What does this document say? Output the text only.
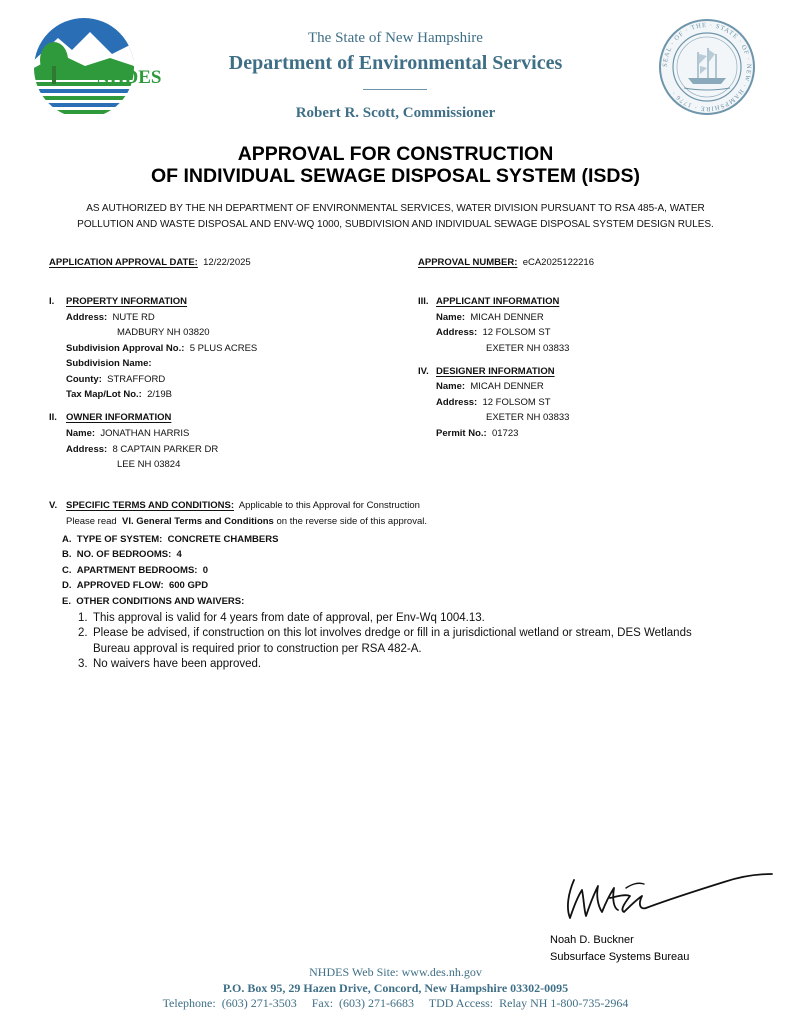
NHDES
The State of New Hampshire
Department of Environmental Services
Robert R. Scott, Commissioner
SEAL · OF · THE · STATE · OF · NEW · HAMPSHIRE · 1776 ·
APPROVAL FOR CONSTRUCTION
OF INDIVIDUAL SEWAGE DISPOSAL SYSTEM (ISDS)
AS AUTHORIZED BY THE NH DEPARTMENT OF ENVIRONMENTAL SERVICES, WATER DIVISION PURSUANT TO RSA 485-A, WATER
POLLUTION AND WASTE DISPOSAL AND ENV-WQ 1000, SUBDIVISION AND INDIVIDUAL SEWAGE DISPOSAL SYSTEM DESIGN RULES.
APPLICATION APPROVAL DATE: 12/22/2025	APPROVAL NUMBER: eCA2025122216
I. PROPERTY INFORMATION
Address: NUTE RD
MADBURY NH 03820
Subdivision Approval No.: 5 PLUS ACRES
Subdivision Name:
County: STRAFFORD
Tax Map/Lot No.: 2/19B
II. OWNER INFORMATION
Name: JONATHAN HARRIS
Address: 8 CAPTAIN PARKER DR
LEE NH 03824
III. APPLICANT INFORMATION
Name: MICAH DENNER
Address: 12 FOLSOM ST
EXETER NH 03833
IV. DESIGNER INFORMATION
Name: MICAH DENNER
Address: 12 FOLSOM ST
EXETER NH 03833
Permit No.: 01723
V. SPECIFIC TERMS AND CONDITIONS: Applicable to this Approval for Construction
Please read VI. General Terms and Conditions on the reverse side of this approval.
A. TYPE OF SYSTEM: CONCRETE CHAMBERS
B. NO. OF BEDROOMS: 4
C. APARTMENT BEDROOMS: 0
D. APPROVED FLOW: 600 GPD
E. OTHER CONDITIONS AND WAIVERS:
1. This approval is valid for 4 years from date of approval, per Env-Wq 1004.13.
2. Please be advised, if construction on this lot involves dredge or fill in a jurisdictional wetland or stream, DES Wetlands
Bureau approval is required prior to construction per RSA 482-A.
3. No waivers have been approved.
Noah D. Buckner
Subsurface Systems Bureau
NHDES Web Site: www.des.nh.gov
P.O. Box 95, 29 Hazen Drive, Concord, New Hampshire 03302-0095
Telephone:  (603) 271-3503     Fax:  (603) 271-6683     TDD Access:  Relay NH 1-800-735-2964
